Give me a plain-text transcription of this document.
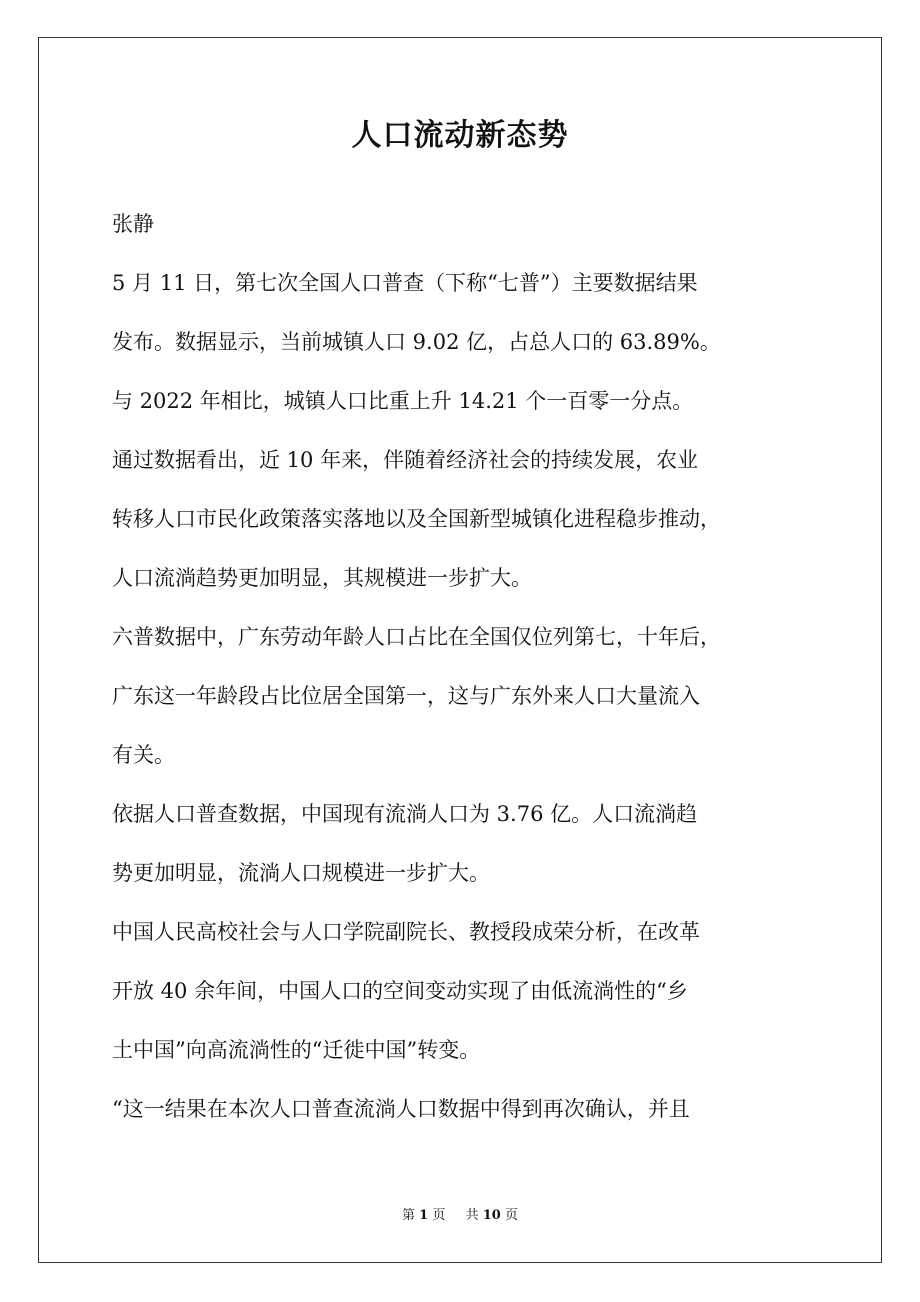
人口流动新态势

张静

5 月 11 日，第七次全国人口普查（下称“七普”）主要数据结果

发布。数据显示，当前城镇人口 9.02 亿，占总人口的 63.89%。

与 2022 年相比，城镇人口比重上升 14.21 个一百零一分点。

通过数据看出，近 10 年来，伴随着经济社会的持续发展，农业

转移人口市民化政策落实落地以及全国新型城镇化进程稳步推动，

人口流淌趋势更加明显，其规模进一步扩大。

六普数据中，广东劳动年龄人口占比在全国仅位列第七，十年后，

广东这一年龄段占比位居全国第一，这与广东外来人口大量流入

有关。

依据人口普查数据，中国现有流淌人口为 3.76 亿。人口流淌趋

势更加明显，流淌人口规模进一步扩大。

中国人民高校社会与人口学院副院长、教授段成荣分析，在改革

开放 40 余年间，中国人口的空间变动实现了由低流淌性的“乡

土中国”向高流淌性的“迁徙中国”转变。

“这一结果在本次人口普查流淌人口数据中得到再次确认，并且

第 1 页 共 10 页
